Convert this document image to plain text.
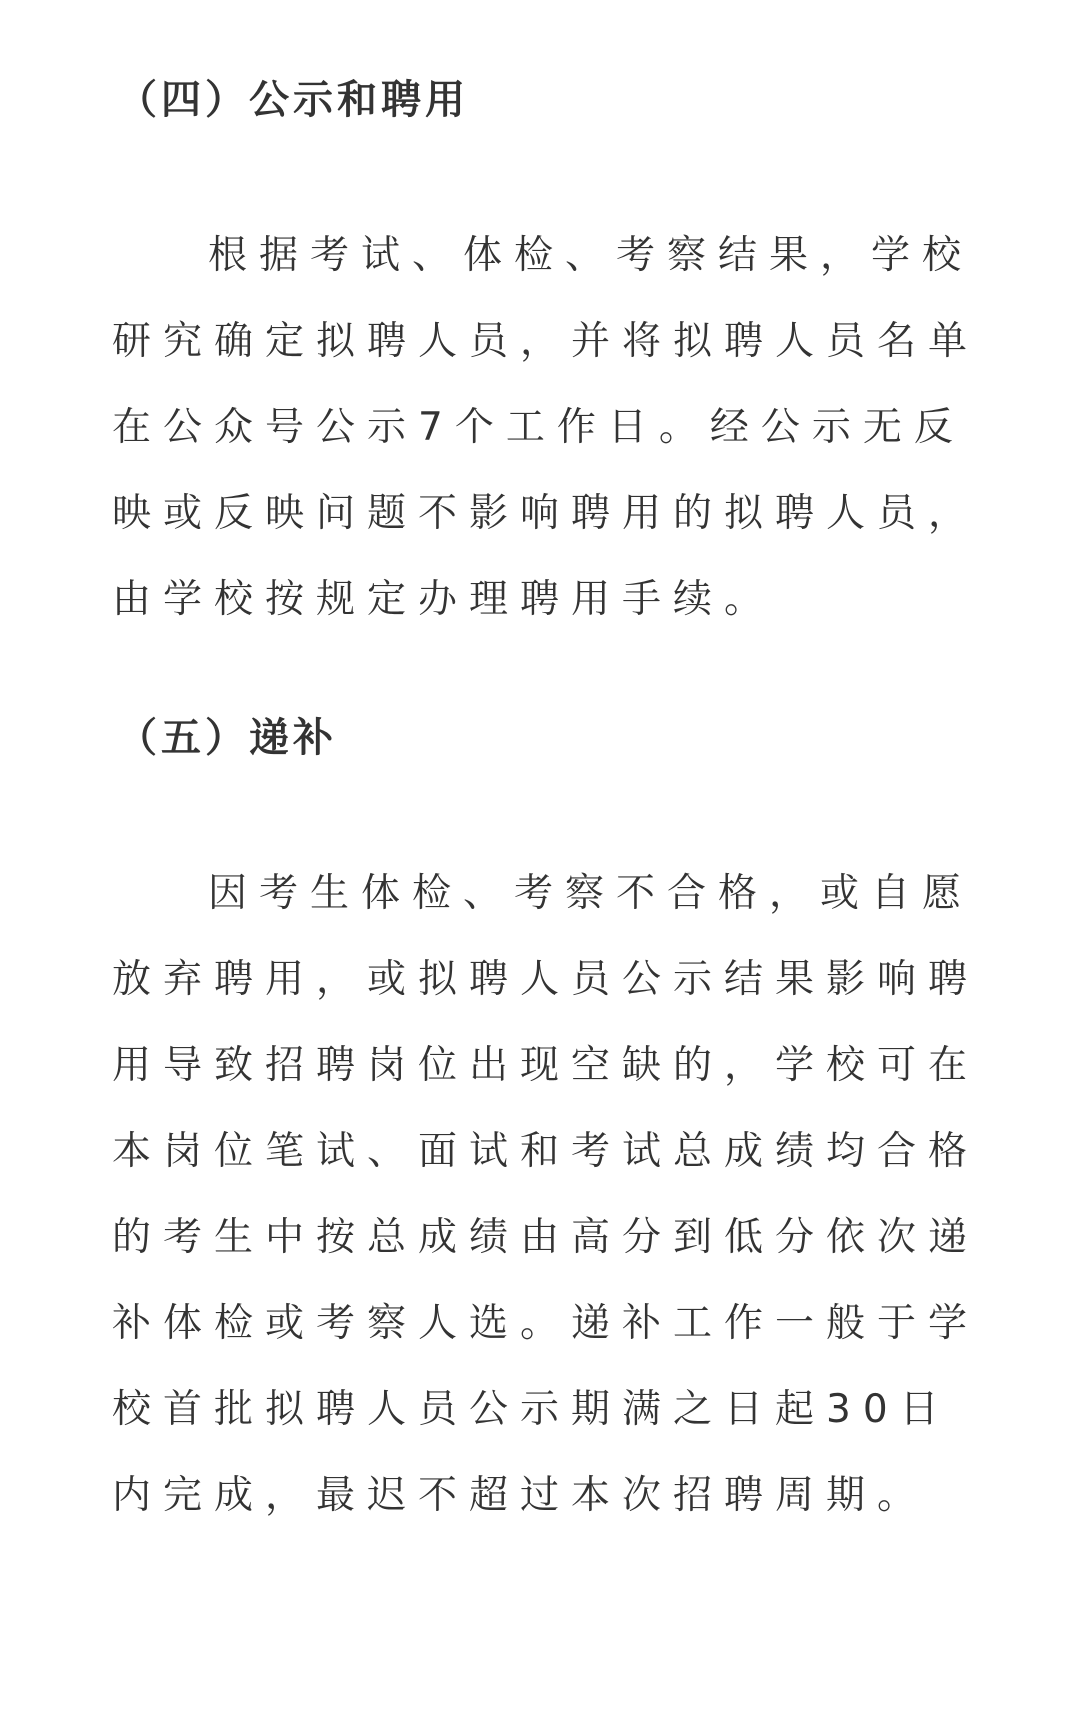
（四）公示和聘用
根据考试、体检、考察结果，学校
研究确定拟聘人员，并将拟聘人员名单
在公众号公示7个工作日。经公示无反
映或反映问题不影响聘用的拟聘人员，
由学校按规定办理聘用手续。
（五）递补
因考生体检、考察不合格，或自愿
放弃聘用，或拟聘人员公示结果影响聘
用导致招聘岗位出现空缺的，学校可在
本岗位笔试、面试和考试总成绩均合格
的考生中按总成绩由高分到低分依次递
补体检或考察人选。递补工作一般于学
校首批拟聘人员公示期满之日起30日
内完成，最迟不超过本次招聘周期。
